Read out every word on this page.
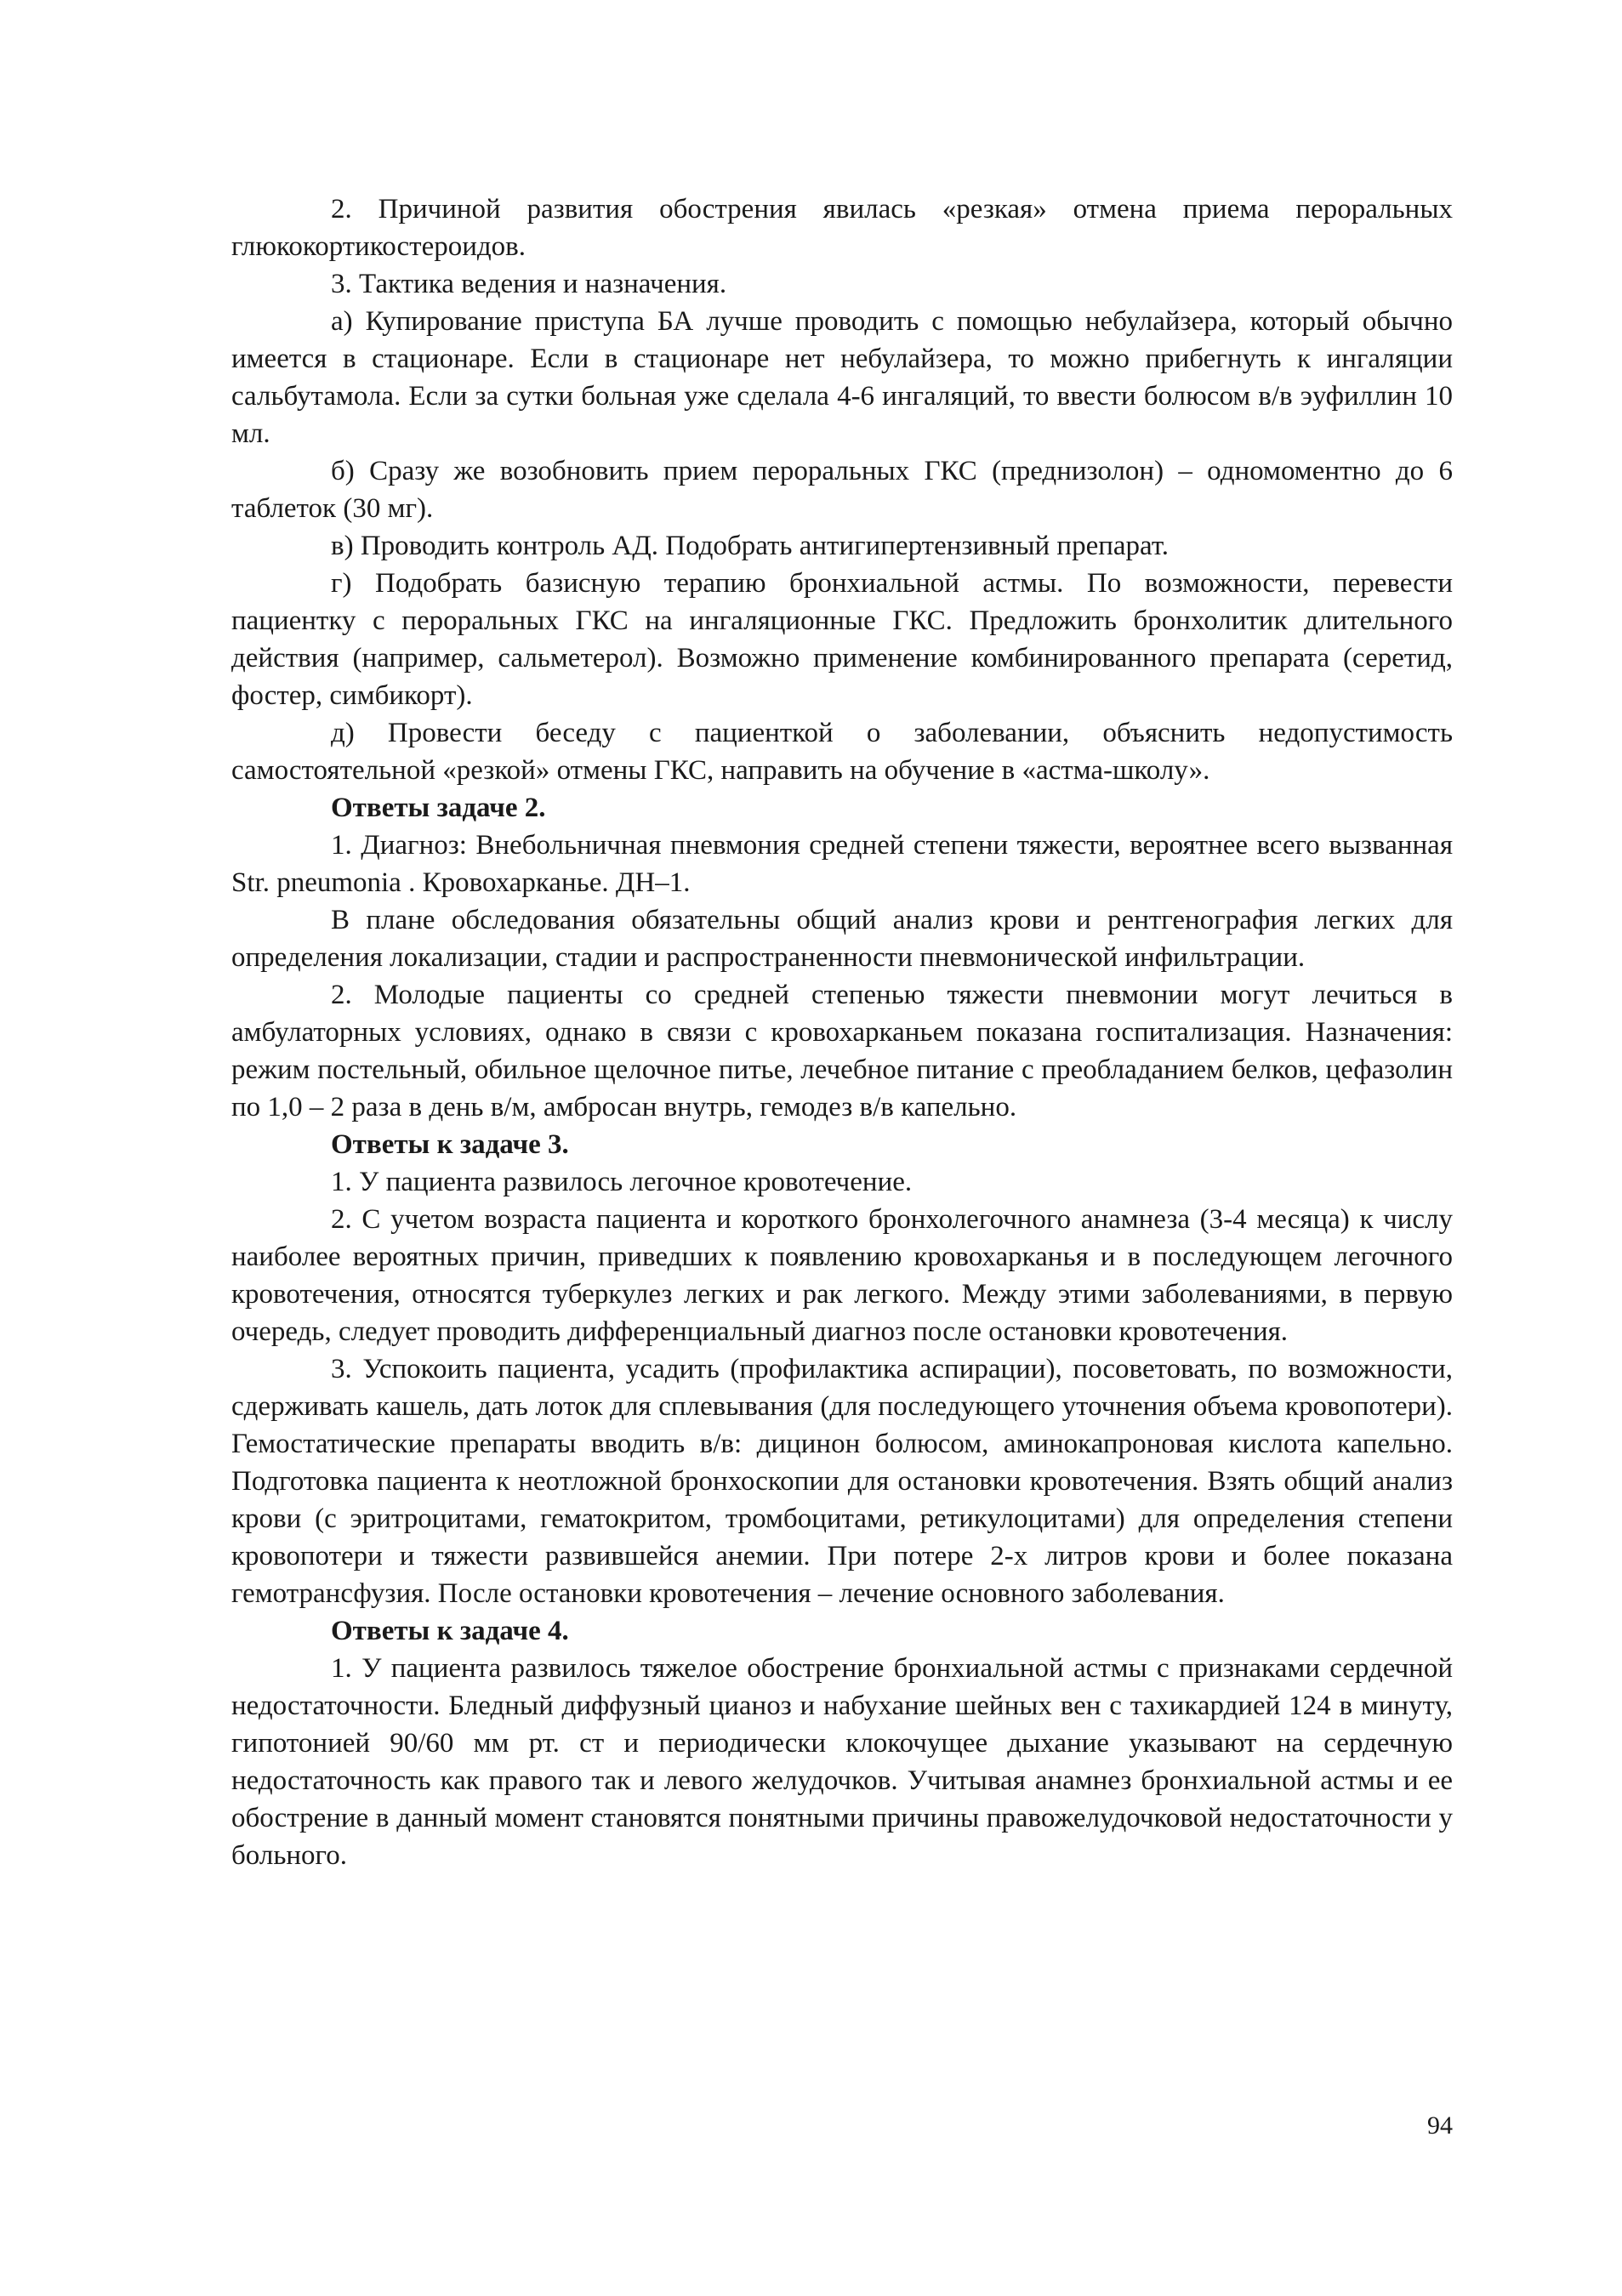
2. Причиной развития обострения явилась «резкая» отмена приема пероральных глюкокортикостероидов.

3. Тактика ведения и назначения.

а) Купирование приступа БА лучше проводить с помощью небулайзера, который обычно имеется в стационаре. Если в стационаре нет небулайзера, то можно прибегнуть к ингаляции сальбутамола. Если за сутки больная уже сделала 4-6 ингаляций, то ввести болюсом в/в эуфиллин 10 мл.

б) Сразу же возобновить прием пероральных ГКС (преднизолон) – одномоментно до 6 таблеток (30 мг).

в) Проводить контроль АД. Подобрать антигипертензивный препарат.

г) Подобрать базисную терапию бронхиальной астмы. По возможности, перевести пациентку с пероральных ГКС на ингаляционные ГКС. Предложить бронхолитик длительного действия (например, сальметерол). Возможно применение комбинированного препарата (серетид, фостер, симбикорт).

д) Провести беседу с пациенткой о заболевании, объяснить недопустимость самостоятельной «резкой» отмены ГКС, направить на обучение в «астма-школу».

Ответы задаче 2.

1. Диагноз: Внебольничная пневмония средней степени тяжести, вероятнее всего вызванная Str. pneumonia . Кровохарканье. ДН–1.

В плане обследования обязательны общий анализ крови и рентгенография легких для определения локализации, стадии и распространенности пневмонической инфильтрации.

2. Молодые пациенты со средней степенью тяжести пневмонии могут лечиться в амбулаторных условиях, однако в связи с кровохарканьем показана госпитализация. Назначения: режим постельный, обильное щелочное питье, лечебное питание с преобладанием белков, цефазолин по 1,0 – 2 раза в день в/м, амбросан внутрь, гемодез в/в капельно.

Ответы к задаче 3.

1. У пациента развилось легочное кровотечение.

2. С учетом возраста пациента и короткого бронхолегочного анамнеза (3-4 месяца) к числу наиболее вероятных причин, приведших к появлению кровохарканья и в последующем легочного кровотечения, относятся туберкулез легких и рак легкого. Между этими заболеваниями, в первую очередь, следует проводить дифференциальный диагноз после остановки кровотечения.

3. Успокоить пациента, усадить (профилактика аспирации), посоветовать, по возможности, сдерживать кашель, дать лоток для сплевывания (для последующего уточнения объема кровопотери). Гемостатические препараты вводить в/в: дицинон болюсом, аминокапроновая кислота капельно. Подготовка пациента к неотложной бронхоскопии для остановки кровотечения. Взять общий анализ крови (с эритроцитами, гематокритом, тромбоцитами, ретикулоцитами) для определения степени кровопотери и тяжести развившейся анемии. При потере 2-х литров крови и более показана гемотрансфузия. После остановки кровотечения – лечение основного заболевания.

Ответы к задаче 4.

1. У пациента развилось тяжелое обострение бронхиальной астмы с признаками сердечной недостаточности. Бледный диффузный цианоз и набухание шейных вен с тахикардией 124 в минуту, гипотонией 90/60 мм рт. ст и периодически клокочущее дыхание указывают на сердечную недостаточность как правого так и левого желудочков. Учитывая анамнез бронхиальной астмы и ее обострение в данный момент становятся понятными причины правожелудочковой недостаточности у больного.

94
